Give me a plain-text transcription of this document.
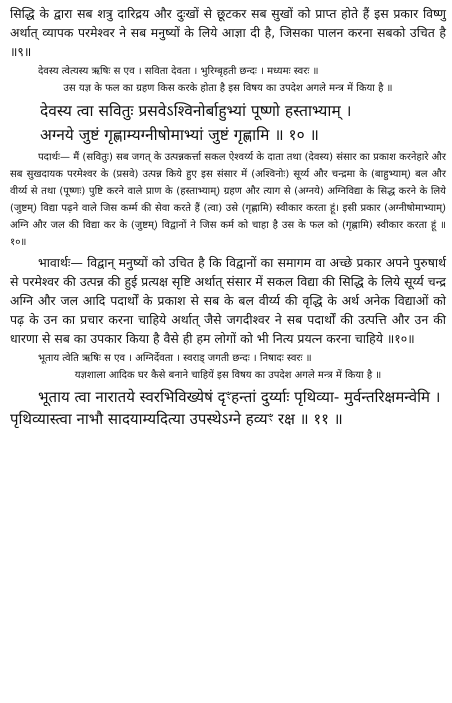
सिद्धि के द्वारा सब शत्रु दारिद्रय और दुःखों से छूटकर सब सुखों को प्राप्त होते हैं इस प्रकार विष्णु अर्थात् व्यापक परमेश्वर ने सब मनुष्यों के लिये आज्ञा दी है, जिसका पालन करना सबको उचित है ॥९॥

देवस्य त्वेत्यस्य ऋषिः स एव । सविता देवता । भुरिग्बृहती छन्दः । मध्यमः स्वरः ॥

उस यज्ञ के फल का ग्रहण किस करके होता है इस विषय का उपदेश अगले मन्त्र में किया है ॥

देवस्य त्वा सवितुः प्रसवेऽश्विनोर्बाहुभ्यां पूष्णो हस्ताभ्याम् ।

अग्नये जुष्टं गृह्णाम्यग्नीषोमाभ्यां जुष्टं गृह्णामि ॥ १० ॥

पदार्थः— मैं (सवितुः) सब जगत् के उत्पन्नकर्त्ता सकल ऐश्वर्य्य के दाता तथा (देवस्य) संसार का प्रकाश करनेहारे और सब सुखदायक परमेश्वर के (प्रसवे) उत्पन्न किये हुए इस संसार में (अश्विनोः) सूर्य्य और चन्द्रमा के (बाहुभ्याम्) बल और वीर्य्य से तथा (पूष्णः) पुष्टि करने वाले प्राण के (हस्ताभ्याम्) ग्रहण और त्याग से (अग्नये) अग्निविद्या के सिद्ध करने के लिये (जुष्टम्) विद्या पढ़ने वाले जिस कर्म्म की सेवा करते हैं (त्वा) उसे (गृह्णामि) स्वीकार करता हूं। इसी प्रकार (अग्नीषोमाभ्याम्) अग्नि और जल की विद्या कर के (जुष्टम्) विद्वानों ने जिस कर्म को चाहा है उस के फल को (गृह्णामि) स्वीकार करता हूं ॥१०॥

भावार्थः— विद्वान् मनुष्यों को उचित है कि विद्वानों का समागम वा अच्छे प्रकार अपने पुरुषार्थ से परमेश्वर की उत्पन्न की हुई प्रत्यक्ष सृष्टि अर्थात् संसार में सकल विद्या की सिद्धि के लिये सूर्य्य चन्द्र अग्नि और जल आदि पदार्थों के प्रकाश से सब के बल वीर्य्य की वृद्धि के अर्थ अनेक विद्याओं को पढ़ के उन का प्रचार करना चाहिये अर्थात् जैसे जगदीश्वर ने सब पदार्थों की उत्पत्ति और उन की धारणा से सब का उपकार किया है वैसे ही हम लोगों को भी नित्य प्रयत्न करना चाहिये ॥१०॥

भूताय त्वेति ऋषिः स एव । अग्निर्देवता । स्वराड् जगती छन्दः । निषादः स्वरः ॥

यज्ञशाला आदिक घर कैसे बनाने चाहियें इस विषय का उपदेश अगले मन्त्र में किया है ॥

भूताय त्वा नारातये स्वरभिविख्येषं दृꣳहन्तां दुर्य्याः पृथिव्या- मुर्वन्तरिक्षमन्वेमि । पृथिव्यास्त्वा नाभौ सादयाम्यदित्या उपस्थेऽग्ने हव्यꣳ रक्ष ॥ ११ ॥
